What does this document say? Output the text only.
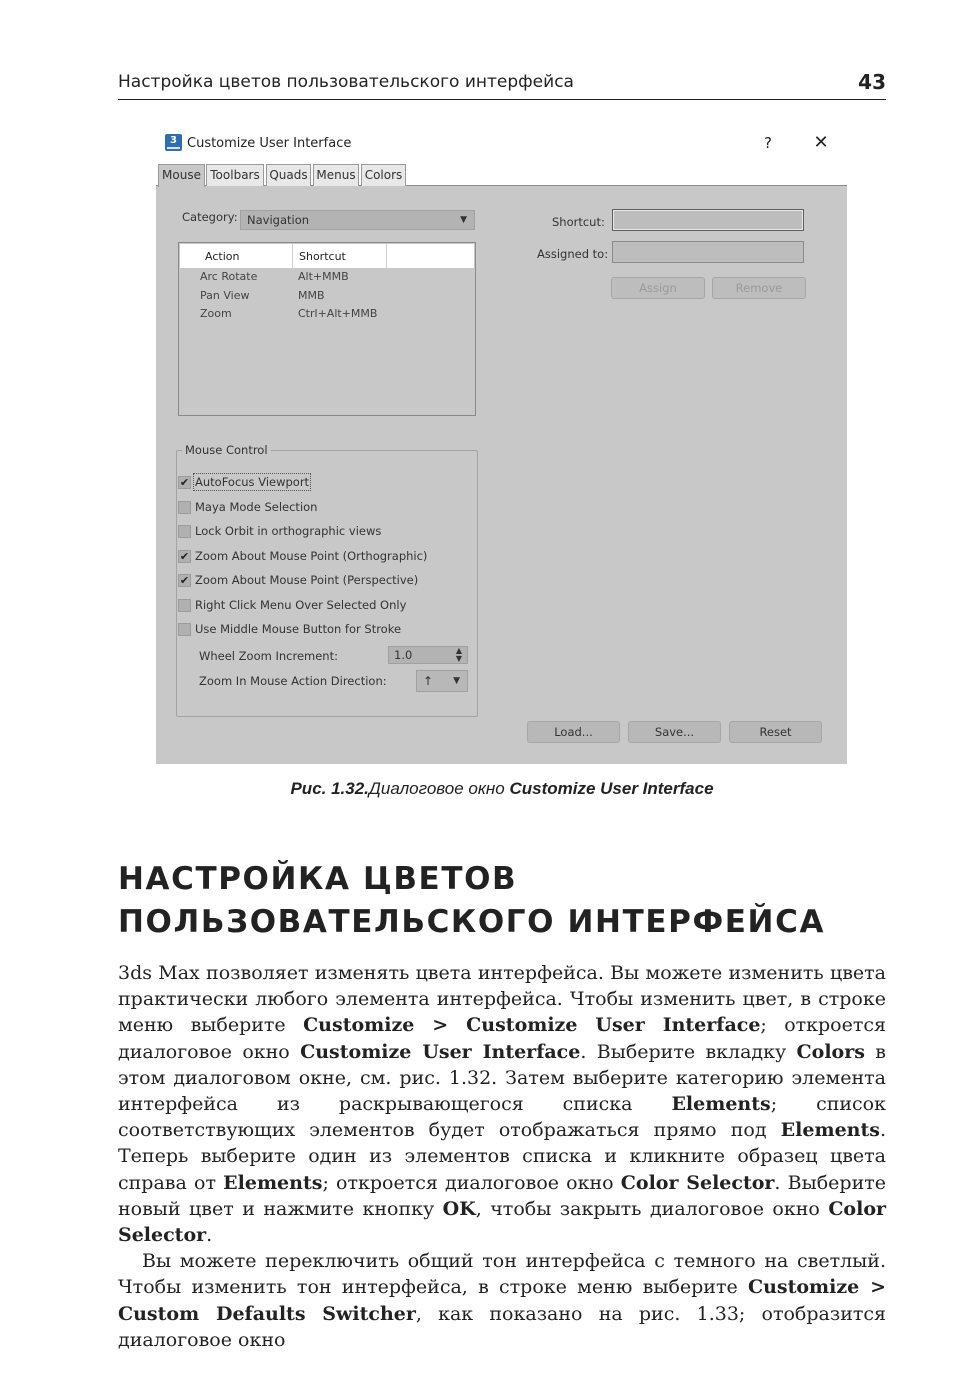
Настройка цветов пользовательского интерфейса	43
3 Customize User Interface	? ✕
Mouse Toolbars Quads Menus Colors
Category: Navigation	▼
Action	Shortcut
Arc Rotate	Alt+MMB
Pan View	MMB
Zoom	Ctrl+Alt+MMB
Mouse Control
✔ AutoFocus Viewport
Maya Mode Selection
Lock Orbit in orthographic views
✔ Zoom About Mouse Point (Orthographic)
✔ Zoom About Mouse Point (Perspective)
Right Click Menu Over Selected Only
Use Middle Mouse Button for Stroke
Wheel Zoom Increment:	1.0	▲
▼
Zoom In Mouse Action Direction:	↑ ▼
Shortcut:
Assigned to:
Assign	Remove
Load...	Save...	Reset
Рис. 1.32.Диалоговое окно Customize User Interface
НАСТРОЙКА ЦВЕТОВ ПОЛЬЗОВАТЕЛЬСКОГО ИНТЕРФЕЙСА

3ds Max позволяет изменять цвета интерфейса. Вы можете изменить цвета практически любого элемента интерфейса. Чтобы изменить цвет, в строке меню выберите Customize > Customize User Interface; откроется диалоговое окно Customize User Interface. Выберите вкладку Colors в этом диалоговом окне, см. рис. 1.32. Затем выберите категорию элемента интерфейса из раскрывающегося списка Elements; список соответствующих элементов будет отображаться прямо под Elements. Теперь выберите один из элементов списка и кликните образец цвета справа от Elements; откроется диалоговое окно Color Selector. Выберите новый цвет и нажмите кнопку OK, чтобы закрыть диалоговое окно Color Selector.

Вы можете переключить общий тон интерфейса с темного на светлый. Чтобы изменить тон интерфейса, в строке меню выберите Customize > Custom Defaults Switcher, как показано на рис. 1.33; отобразится диалоговое окно
